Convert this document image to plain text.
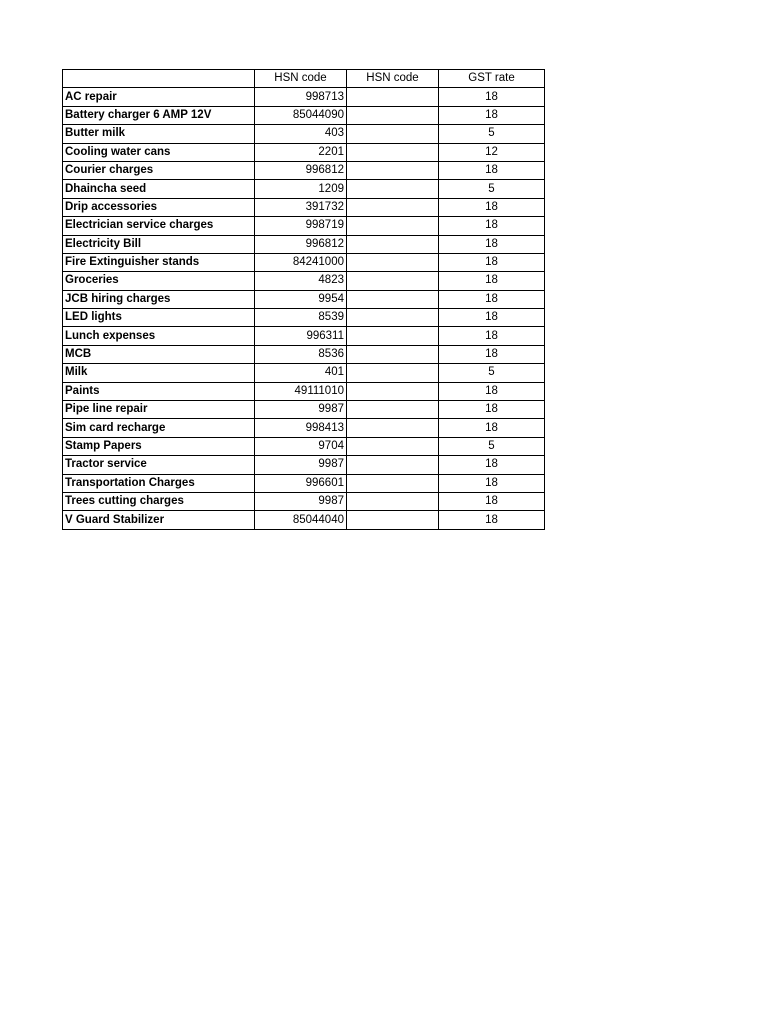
	HSN code	HSN code	GST rate
AC repair	998713		18
Battery charger 6 AMP 12V	85044090		18
Butter milk	403		5
Cooling water cans	2201		12
Courier charges	996812		18
Dhaincha seed	1209		5
Drip accessories	391732		18
Electrician service charges	998719		18
Electricity Bill	996812		18
Fire Extinguisher stands	84241000		18
Groceries	4823		18
JCB hiring charges	9954		18
LED lights	8539		18
Lunch expenses	996311		18
MCB	8536		18
Milk	401		5
Paints	49111010		18
Pipe line repair	9987		18
Sim card recharge	998413		18
Stamp Papers	9704		5
Tractor service	9987		18
Transportation Charges	996601		18
Trees cutting charges	9987		18
V Guard Stabilizer	85044040		18
